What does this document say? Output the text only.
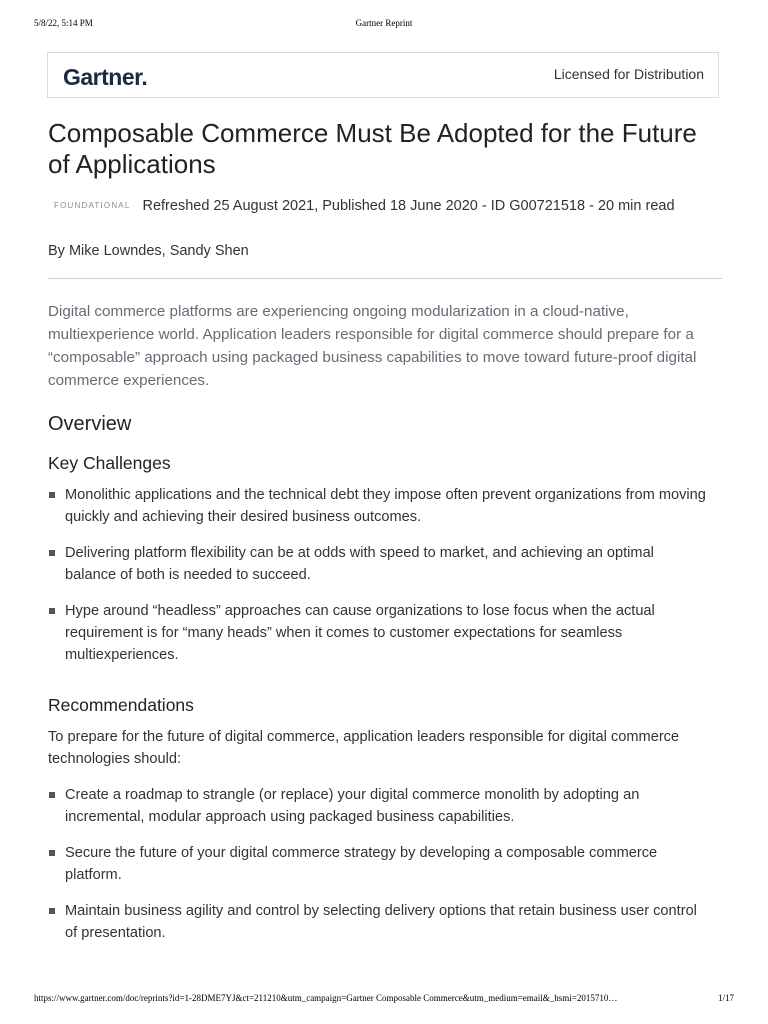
5/8/22, 5:14 PM	Gartner Reprint
Gartner.	Licensed for Distribution
Composable Commerce Must Be Adopted for the Future of Applications
FOUNDATIONAL Refreshed 25 August 2021, Published 18 June 2020 - ID G00721518 - 20 min read
By Mike Lowndes, Sandy Shen

Digital commerce platforms are experiencing ongoing modularization in a cloud-native, multiexperience world. Application leaders responsible for digital commerce should prepare for a “composable” approach using packaged business capabilities to move toward future-proof digital commerce experiences.

Overview
Key Challenges
Monolithic applications and the technical debt they impose often prevent organizations from moving quickly and achieving their desired business outcomes.
Delivering platform flexibility can be at odds with speed to market, and achieving an optimal balance of both is needed to succeed.
Hype around “headless” approaches can cause organizations to lose focus when the actual requirement is for “many heads” when it comes to customer expectations for seamless multiexperiences.
Recommendations

To prepare for the future of digital commerce, application leaders responsible for digital commerce technologies should:

Create a roadmap to strangle (or replace) your digital commerce monolith by adopting an incremental, modular approach using packaged business capabilities.
Secure the future of your digital commerce strategy by developing a composable commerce platform.
Maintain business agility and control by selecting delivery options that retain business user control of presentation.
https://www.gartner.com/doc/reprints?id=1-28DME7YJ&ct=211210&utm_campaign=Gartner Composable Commerce&utm_medium=email&_hsmi=2015710…	1/17
